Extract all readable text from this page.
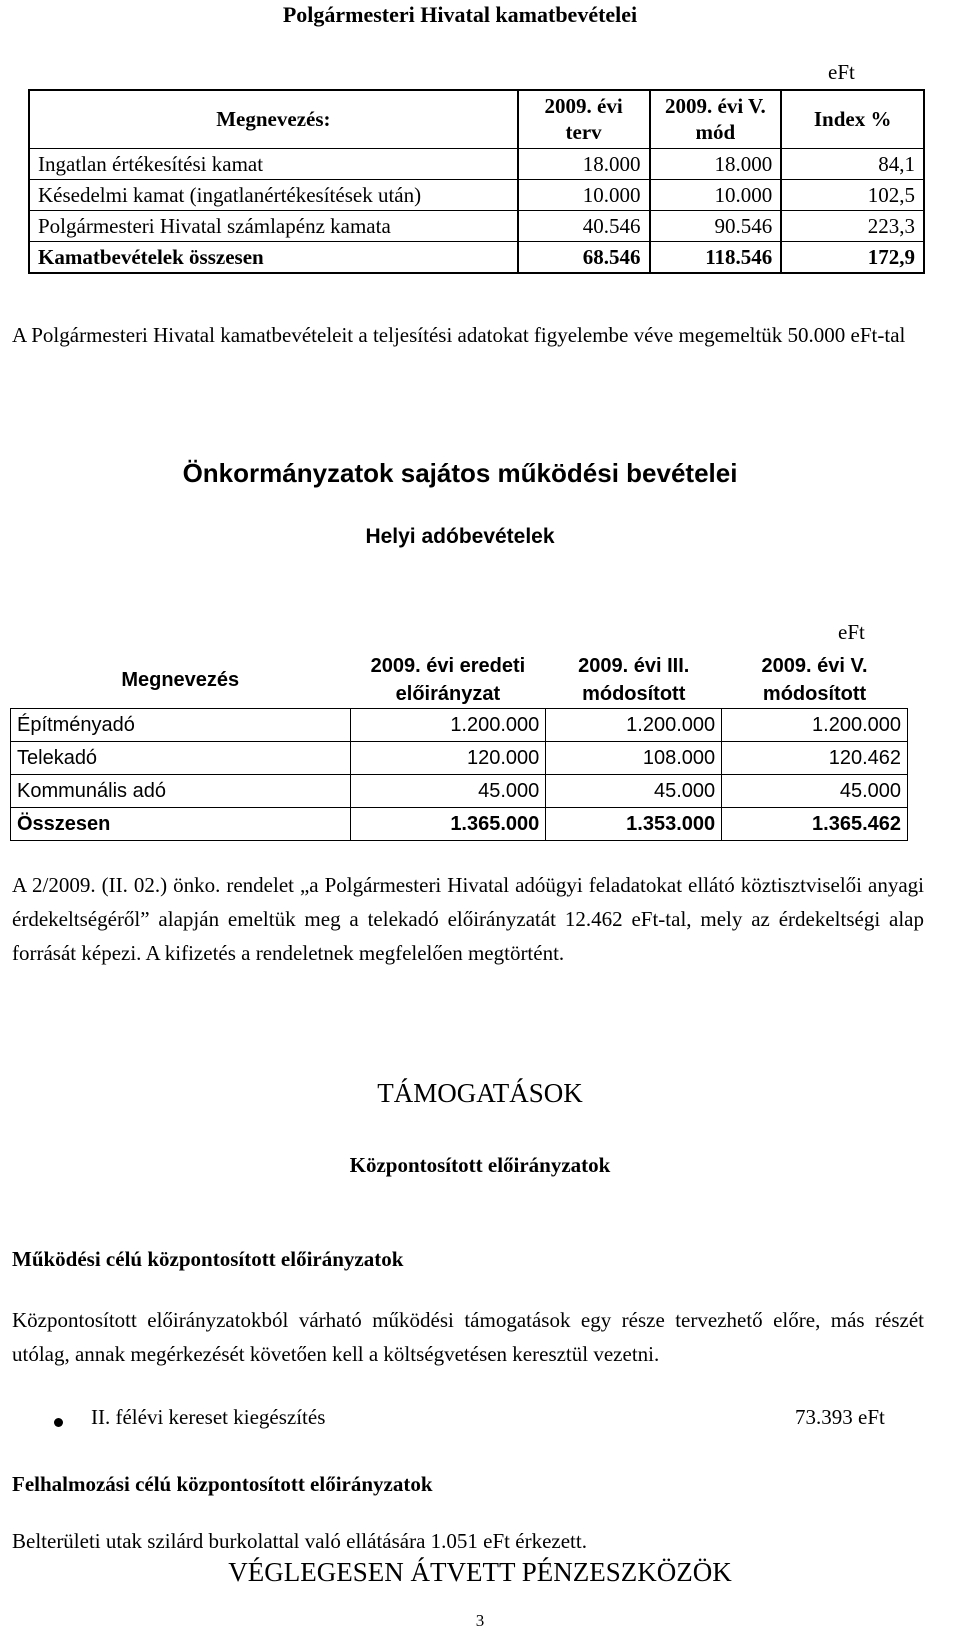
Polgármesteri Hivatal kamatbevételei
eFt
Megnevezés:	2009. évi terv	2009. évi V. mód	Index %
Ingatlan értékesítési kamat	18.000	18.000	84,1
Késedelmi kamat (ingatlanértékesítések után)	10.000	10.000	102,5
Polgármesteri Hivatal számlapénz kamata	40.546	90.546	223,3
Kamatbevételek összesen	68.546	118.546	172,9
A Polgármesteri Hivatal kamatbevételeit a teljesítési adatokat figyelembe véve megemeltük 50.000 eFt-tal
Önkormányzatok sajátos működési bevételei
Helyi adóbevételek
eFt
Megnevezés	2009. évi eredeti előirányzat	2009. évi III. módosított	2009. évi V. módosított
Építményadó	1.200.000	1.200.000	1.200.000
Telekadó	120.000	108.000	120.462
Kommunális adó	45.000	45.000	45.000
Összesen	1.365.000	1.353.000	1.365.462
A 2/2009. (II. 02.) önko. rendelet „a Polgármesteri Hivatal adóügyi feladatokat ellátó köztisztviselői anyagi érdekeltségéről” alapján emeltük meg a telekadó előirányzatát 12.462 eFt-tal, mely az érdekeltségi alap forrását képezi. A kifizetés a rendeletnek megfelelően megtörtént.
TÁMOGATÁSOK
Központosított előirányzatok
Működési célú központosított előirányzatok
Központosított előirányzatokból várható működési támogatások egy része tervezhető előre, más részét utólag, annak megérkezését követően kell a költségvetésen keresztül vezetni.
II. félévi kereset kiegészítés	73.393 eFt
Felhalmozási célú központosított előirányzatok
Belterületi utak szilárd burkolattal való ellátására 1.051 eFt érkezett.
VÉGLEGESEN ÁTVETT PÉNZESZKÖZÖK
3
